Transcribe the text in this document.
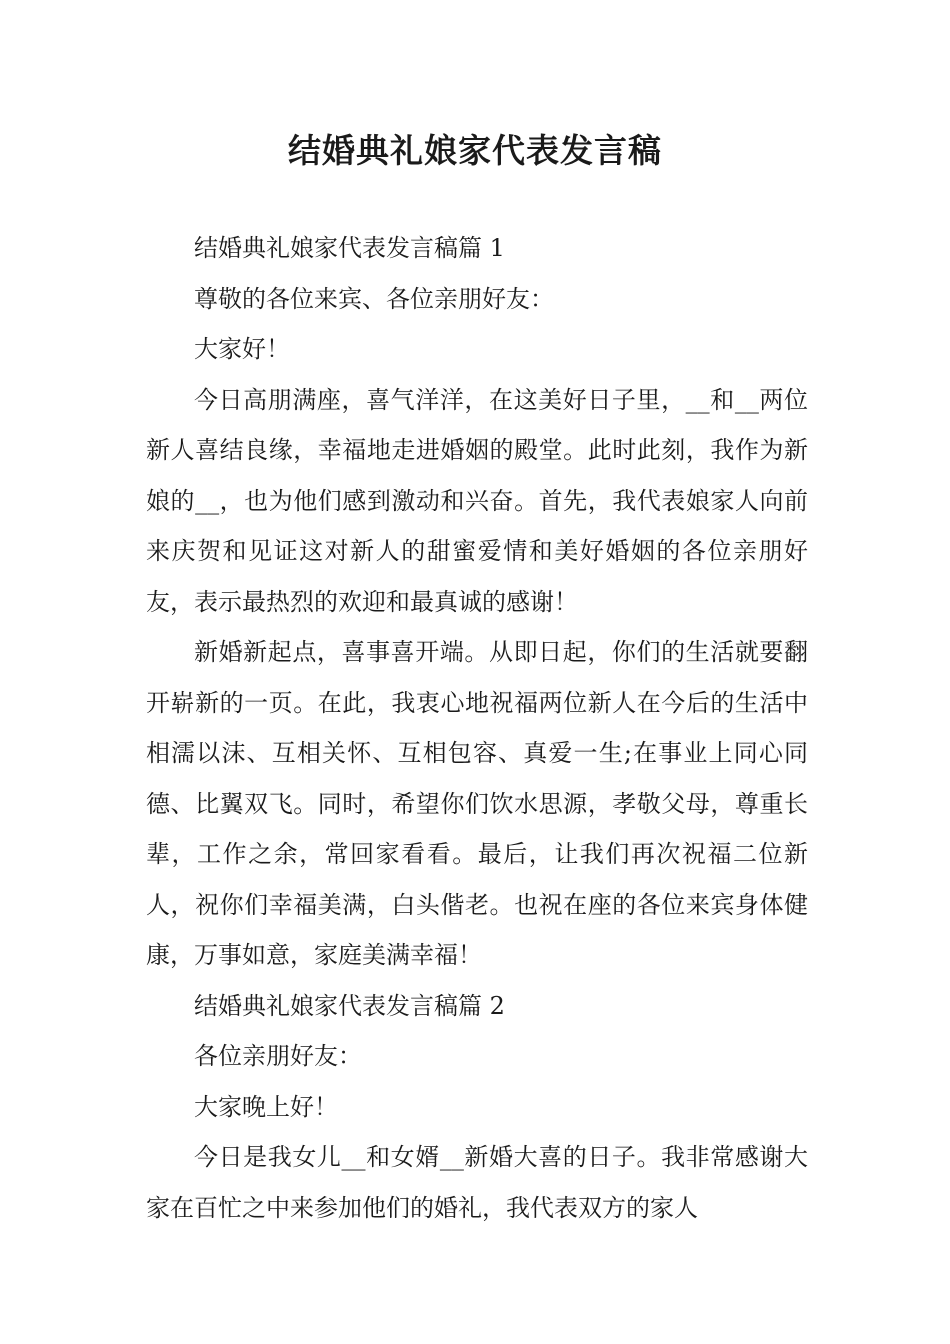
结婚典礼娘家代表发言稿

结婚典礼娘家代表发言稿篇 1

尊敬的各位来宾、各位亲朋好友：

大家好！

今日高朋满座，喜气洋洋，在这美好日子里，__和__两位新人喜结良缘，幸福地走进婚姻的殿堂。此时此刻，我作为新娘的__，也为他们感到激动和兴奋。首先，我代表娘家人向前来庆贺和见证这对新人的甜蜜爱情和美好婚姻的各位亲朋好友，表示最热烈的欢迎和最真诚的感谢！

新婚新起点，喜事喜开端。从即日起，你们的生活就要翻开崭新的一页。在此，我衷心地祝福两位新人在今后的生活中相濡以沫、互相关怀、互相包容、真爱一生;在事业上同心同德、比翼双飞。同时，希望你们饮水思源，孝敬父母，尊重长辈，工作之余，常回家看看。最后，让我们再次祝福二位新人，祝你们幸福美满，白头偕老。也祝在座的各位来宾身体健康，万事如意，家庭美满幸福！

结婚典礼娘家代表发言稿篇 2

各位亲朋好友：

大家晚上好！

今日是我女儿__和女婿__新婚大喜的日子。我非常感谢大家在百忙之中来参加他们的婚礼，我代表双方的家人
